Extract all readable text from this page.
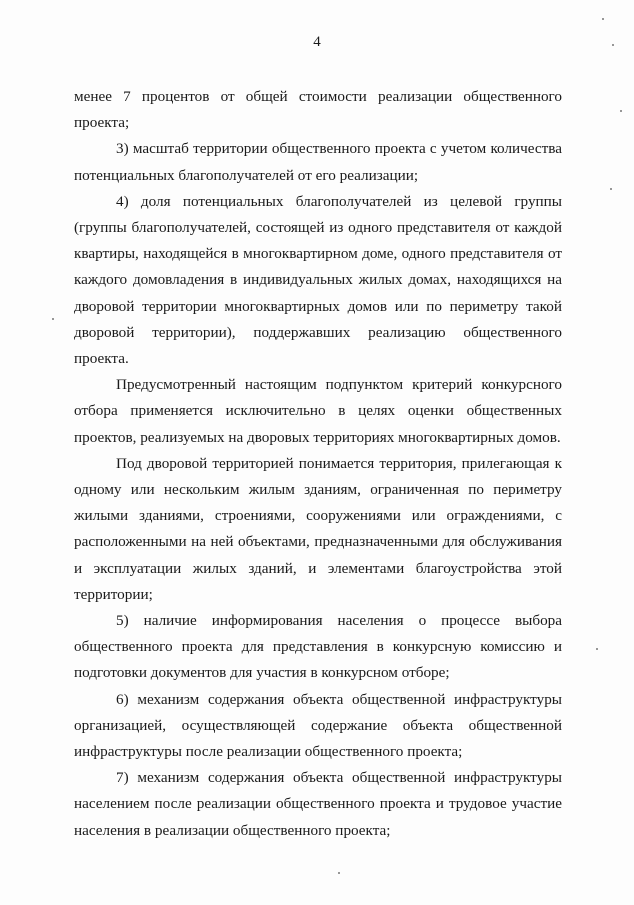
4

менее 7 процентов от общей стоимости реализации общественного проекта;

3) масштаб территории общественного проекта с учетом количества потенциальных благополучателей от его реализации;

4) доля потенциальных благополучателей из целевой группы (группы благополучателей, состоящей из одного представителя от каждой квартиры, находящейся в многоквартирном доме, одного представителя от каждого домовладения в индивидуальных жилых домах, находящихся на дворовой территории многоквартирных домов или по периметру такой дворовой территории), поддержавших реализацию общественного проекта.

Предусмотренный настоящим подпунктом критерий конкурсного отбора применяется исключительно в целях оценки общественных проектов, реализуемых на дворовых территориях многоквартирных домов.

Под дворовой территорией понимается территория, прилегающая к одному или нескольким жилым зданиям, ограниченная по периметру жилыми зданиями, строениями, сооружениями или ограждениями, с расположенными на ней объектами, предназначенными для обслуживания и эксплуатации жилых зданий, и элементами благоустройства этой территории;

5) наличие информирования населения о процессе выбора общественного проекта для представления в конкурсную комиссию и подготовки документов для участия в конкурсном отборе;

6) механизм содержания объекта общественной инфраструктуры организацией, осуществляющей содержание объекта общественной инфраструктуры после реализации общественного проекта;

7) механизм содержания объекта общественной инфраструктуры населением после реализации общественного проекта и трудовое участие населения в реализации общественного проекта;
